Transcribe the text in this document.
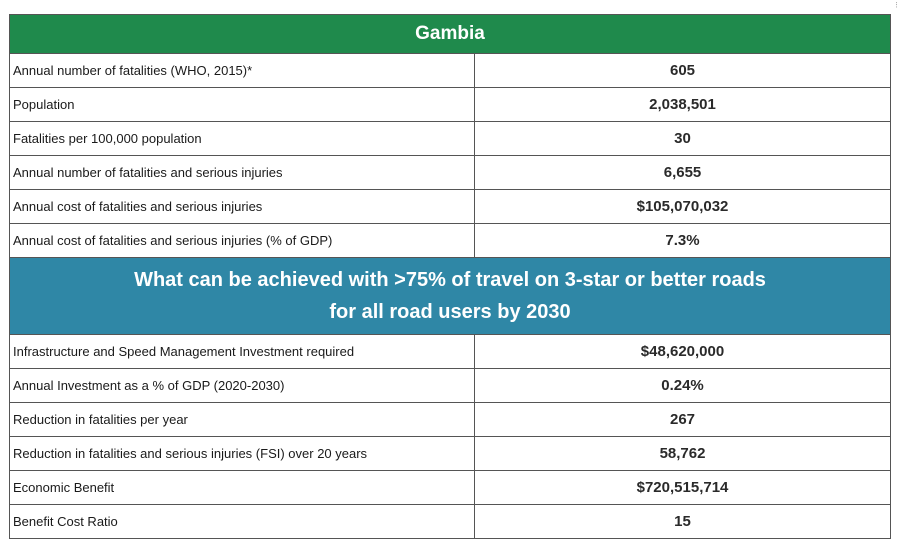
Gambia	
Annual number of fatalities (WHO, 2015)*	605
Population	2,038,501
Fatalities per 100,000 population	30
Annual number of fatalities and serious injuries	6,655
Annual cost of fatalities and serious injuries	$105,070,032
Annual cost of fatalities and serious injuries (% of GDP)	7.3%

What can be achieved with >75% of travel on 3-star or better roads
for all road users by 2030	

Infrastructure and Speed Management Investment required	$48,620,000
Annual Investment as a % of GDP (2020-2030)	0.24%
Reduction in fatalities per year	267
Reduction in fatalities and serious injuries (FSI) over 20 years	58,762
Economic Benefit	$720,515,714
Benefit Cost Ratio	15
⁝
